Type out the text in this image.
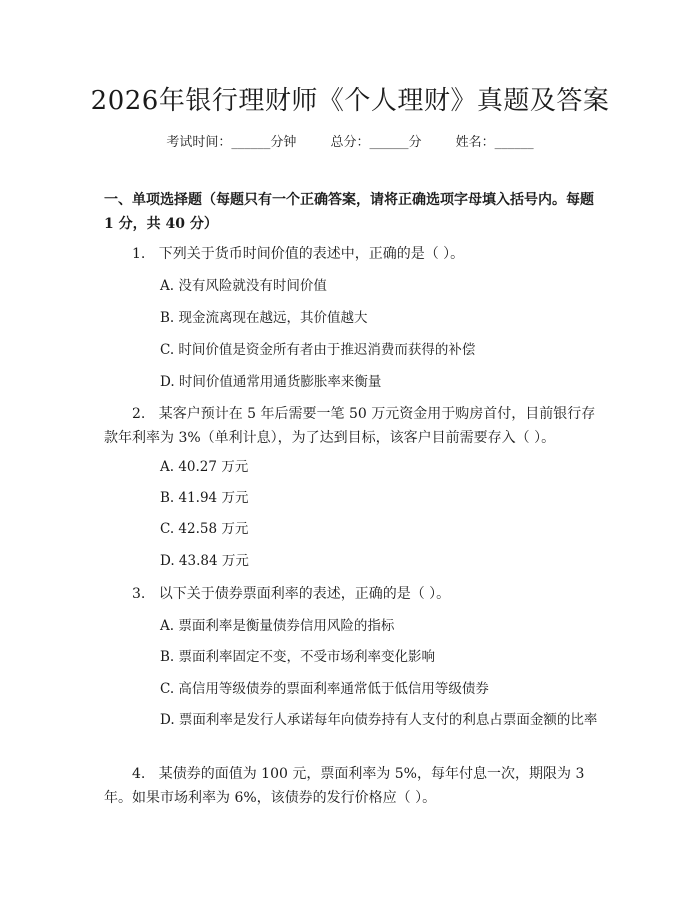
2026年银行理财师《个人理财》真题及答案
考试时间：______分钟	总分：______分	姓名：______
一、单项选择题（每题只有一个正确答案，请将正确选项字母填入括号内。每题 1 分，共 40 分）
1.   下列关于货币时间价值的表述中，正确的是（ ）。
A. 没有风险就没有时间价值
B. 现金流离现在越远，其价值越大
C. 时间价值是资金所有者由于推迟消费而获得的补偿
D. 时间价值通常用通货膨胀率来衡量
2.   某客户预计在 5 年后需要一笔 50 万元资金用于购房首付，目前银行存款年利率为 3%（单利计息），为了达到目标，该客户目前需要存入（ ）。
A. 40.27 万元
B. 41.94 万元
C. 42.58 万元
D. 43.84 万元
3.   以下关于债券票面利率的表述，正确的是（ ）。
A. 票面利率是衡量债券信用风险的指标
B. 票面利率固定不变，不受市场利率变化影响
C. 高信用等级债券的票面利率通常低于低信用等级债券
D. 票面利率是发行人承诺每年向债券持有人支付的利息占票面金额的比率
4.   某债券的面值为 100 元，票面利率为 5%，每年付息一次，期限为 3 年。如果市场利率为 6%，该债券的发行价格应（ ）。
